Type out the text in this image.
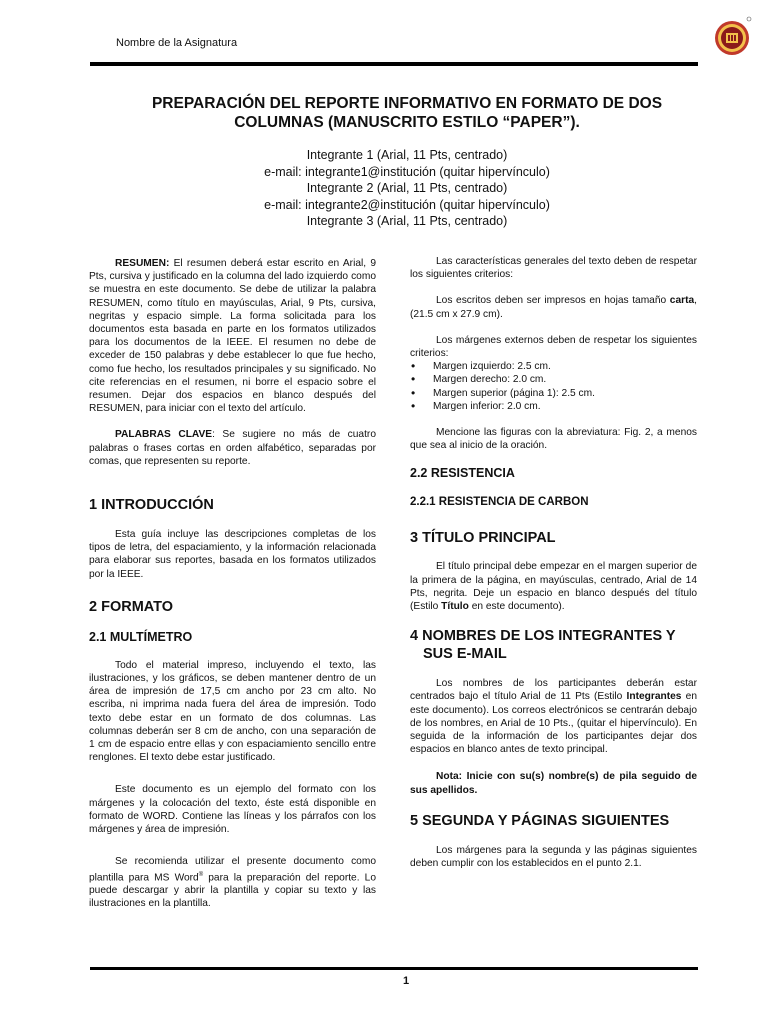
Nombre de la Asignatura
PREPARACIÓN DEL REPORTE INFORMATIVO EN FORMATO DE DOS COLUMNAS (MANUSCRITO ESTILO “PAPER”).
Integrante 1 (Arial, 11 Pts, centrado)
e-mail: integrante1@institución (quitar hipervínculo)
Integrante 2 (Arial, 11 Pts, centrado)
e-mail: integrante2@institución (quitar hipervínculo)
Integrante 3 (Arial, 11 Pts, centrado)

RESUMEN: El resumen deberá estar escrito en Arial, 9 Pts, cursiva y justificado en la columna del lado izquierdo como se muestra en este documento. Se debe de utilizar la palabra RESUMEN, como título en mayúsculas, Arial, 9 Pts, cursiva, negritas y espacio simple. La forma solicitada para los documentos esta basada en parte en los formatos utilizados para los documentos de la IEEE. El resumen no debe de exceder de 150 palabras y debe establecer lo que fue hecho, como fue hecho, los resultados principales y su significado. No cite referencias en el resumen, ni borre el espacio sobre el resumen. Dejar dos espacios en blanco después del RESUMEN, para iniciar con el texto del artículo.

PALABRAS CLAVE: Se sugiere no más de cuatro palabras o frases cortas en orden alfabético, separadas por comas, que representen su reporte.

1 INTRODUCCIÓN

Esta guía incluye las descripciones completas de los tipos de letra, del espaciamiento, y la información relacionada para elaborar sus reportes, basada en los formatos utilizados por la IEEE.

2 FORMATO
2.1 MULTÍMETRO

Todo el material impreso, incluyendo el texto, las ilustraciones, y los gráficos, se deben mantener dentro de un área de impresión de 17,5 cm ancho por 23 cm alto. No escriba, ni imprima nada fuera del área de impresión. Todo texto debe estar en un formato de dos columnas. Las columnas deberán ser 8 cm de ancho, con una separación de 1 cm de espacio entre ellas y con espaciamiento sencillo entre renglones. El texto debe estar justificado.

Este documento es un ejemplo del formato con los márgenes y la colocación del texto, éste está disponible en formato de WORD. Contiene las líneas y los párrafos con los márgenes y área de impresión.

Se recomienda utilizar el presente documento como plantilla para MS Word® para la preparación del reporte. Lo puede descargar y abrir la plantilla y copiar su texto y las ilustraciones en la plantilla.

Las características generales del texto deben de respetar los siguientes criterios:

Los escritos deben ser impresos en hojas tamaño carta, (21.5 cm x 27.9 cm).

Los márgenes externos deben de respetar los siguientes criterios:

• Margen izquierdo: 2.5 cm.
• Margen derecho: 2.0 cm.
• Margen superior (página 1): 2.5 cm.
• Margen inferior: 2.0 cm.

Mencione las figuras con la abreviatura: Fig. 2, a menos que sea al inicio de la oración.

2.2 RESISTENCIA
2.2.1 RESISTENCIA DE CARBON
3 TÍTULO PRINCIPAL

El título principal debe empezar en el margen superior de la primera de la página, en mayúsculas, centrado, Arial de 14 Pts, negrita. Deje un espacio en blanco después del título (Estilo Título en este documento).

4 NOMBRES DE LOS INTEGRANTES Y SUS E-MAIL

Los nombres de los participantes deberán estar centrados bajo el título Arial de 11 Pts (Estilo Integrantes en este documento). Los correos electrónicos se centrarán debajo de los nombres, en Arial de 10 Pts., (quitar el hipervínculo). En seguida de la información de los participantes dejar dos espacios en blanco antes de texto principal.

Nota: Inicie con su(s) nombre(s) de pila seguido de sus apellidos.

5 SEGUNDA Y PÁGINAS SIGUIENTES

Los márgenes para la segunda y las páginas siguientes deben cumplir con los establecidos en el punto 2.1.

1
